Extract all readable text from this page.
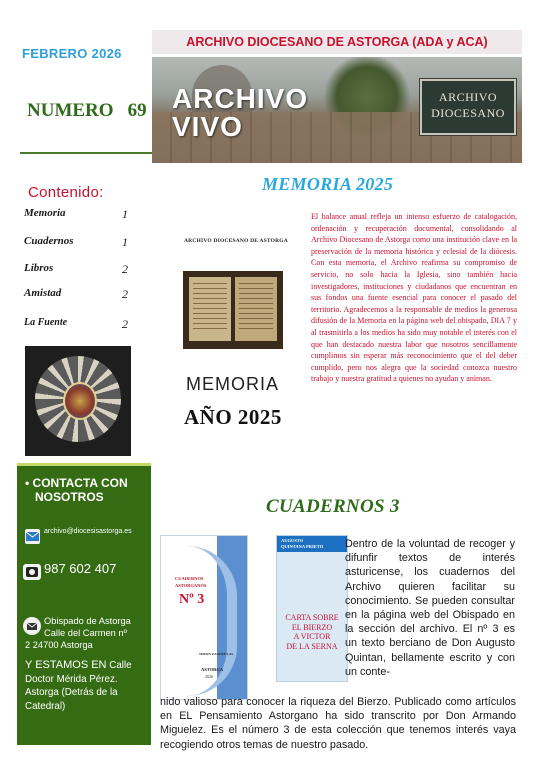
FEBRERO 2026
NUMERO 69
ARCHIVO DIOCESANO DE ASTORGA (ADA y ACA)
ARCHIVO
VIVO
ARCHIVO
DIOCESANO
Contenido:
Memoria	1
Cuadernos	1
Libros	2
Amistad	2
La Fuente	2
• CONTACTA CON
NOSOTROS
archivo@diocesisastorga.es
987 602 407
Obispado de Astorga
Calle del Carmen nº
2 24700 Astorga
Y ESTAMOS EN Calle
Doctor Mérida Pérez.
Astorga (Detrás de la
Catedral)
MEMORIA 2025
ARCHIVO DIOCESANO DE ASTORGA
MEMORIA
AÑO 2025
El balance anual refleja un intenso esfuerzo de catalogación, ordenación y recuperación documental, consolidando al Archivo Diocesano de Astorga como una institución clave en la preservación de la memoria histórica y eclesial de la diócesis. Con esta memoria, el Archivo reafirma su compromiso de servicio, no solo hacia la Iglesia, sino también hacia investigadores, instituciones y ciudadanos que encuentran en sus fondos una fuente esencial para conocer el pasado del territorio. Agradecemos a la responsable de medios la generosa difusión de la Memoria en la página web del obispado, DIA 7 y al trasmitirla a los medios ha sido muy notable el interés con el que han destacado nuestra labor que nosotros sencillamente cumplimos sin esperar más reconocimiento que el del deber cumplido, pero nos alegra que la sociedad conozca nuestro trabajo y nuestra gratitud a quienes no ayudan y animan.
CUADERNOS 3
CUADERNOS
ASTORGANOS
Nº 3
SIMON ZANDUELAS
ASTORGA
2026
AUGUSTO
QUINTANA PRIETO
CARTA SOBRE
EL BIERZO
A VICTOR
DE LA SERNA
Dentro de la voluntad de recoger y difunfir textos de interés asturicense, los cuadernos del Archivo quieren facilitar su conocimiento. Se pueden consultar en la página web del Obispado en la sección del archivo. El nº 3 es un texto berciano de Don Augusto Quintan, bellamente escrito y con un conte-
nido valioso para conocer la riqueza del Bierzo. Publicado como artículos en EL Pensamiento Astorgano ha sido transcrito por Don Armando Miguelez. Es el número 3 de esta colección que tenemos interés vaya recogiendo otros temas de nuestro pasado.
